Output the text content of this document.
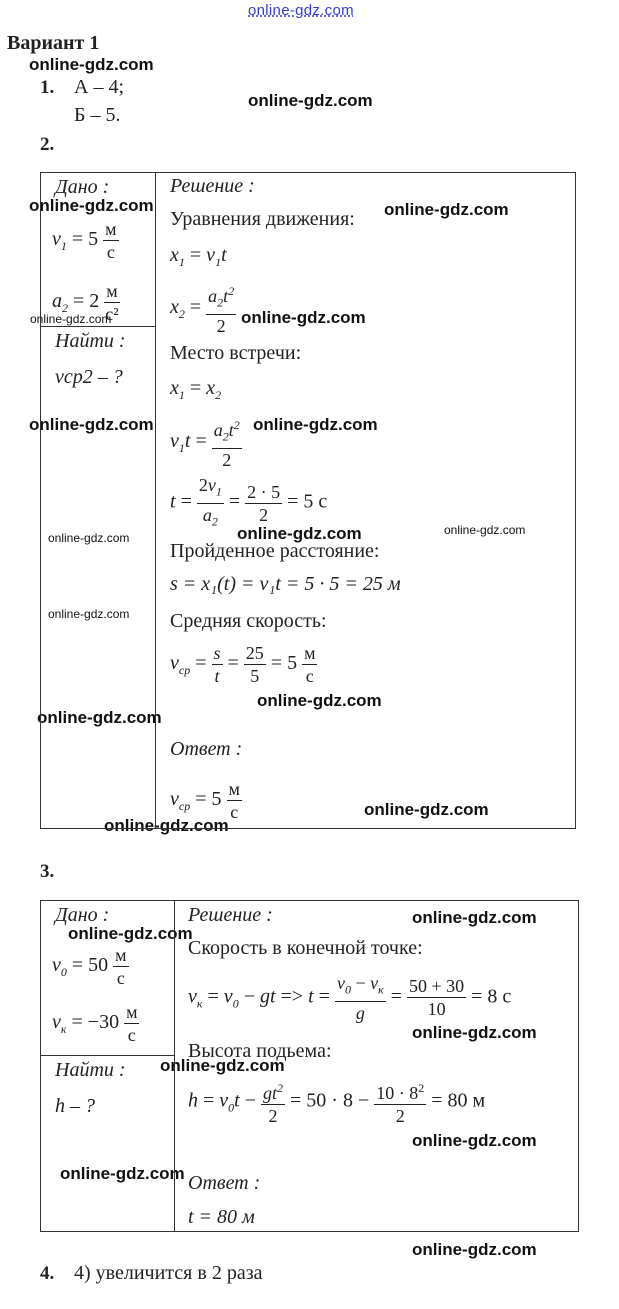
online-gdz.com
online-gdz.com
online-gdz.com
online-gdz.com	online-gdz.com
online-gdz.com	online-gdz.com
online-gdz.com	online-gdz.com
online-gdz.com	online-gdz.com	online-gdz.com
online-gdz.com
online-gdz.com
online-gdz.com
online-gdz.com
online-gdz.com
online-gdz.com
online-gdz.com
online-gdz.com
online-gdz.com
online-gdz.com
online-gdz.com
online-gdz.com
Вариант 1
1. А – 4;
Б – 5.
2.
Дано :
$v_1 = 5 \frac{м}{с}$
$a_2 = 2 \frac{м}{\text{с²}}$
Найти :
vср2 – ?
Решение :
Уравнения движения:
$x_1 = v_1t$
$x_2 = \frac{a_2t^2}{2}$
Место встречи:
$x_1 = x_2$
$v_1t = \frac{a_2t^2}{2}$
$t = \frac{2v_1}{a_2} = \frac{2 \cdot 5}{2} = 5$ с
Пройденное расстояние:
s = x₁(t) = v₁t = 5 · 5 = 25 м
Средняя скорость:
$v_{ср} = \frac{s}{t} = \frac{25}{5} = 5 \frac{м}{с}$
Ответ :
$v_{ср} = 5 \frac{м}{с}$
3.
Дано :
$v_0 = 50 \frac{м}{с}$
$v_к = -30 \frac{м}{с}$
Найти :
h – ?
Решение :
Скорость в конечной точке:
$v_к = v_0$ − gt => $t = \frac{v_0 - v_к}{g} = \frac{50 + 30}{10} = 8$ с
Высота подьема:
$h = v_0t - \frac{gt^2}{2} = 50 \cdot 8 - \frac{10 \cdot 8^2}{2} = 80$ м
Ответ :
t = 80 м
4. 4) увеличится в 2 раза
